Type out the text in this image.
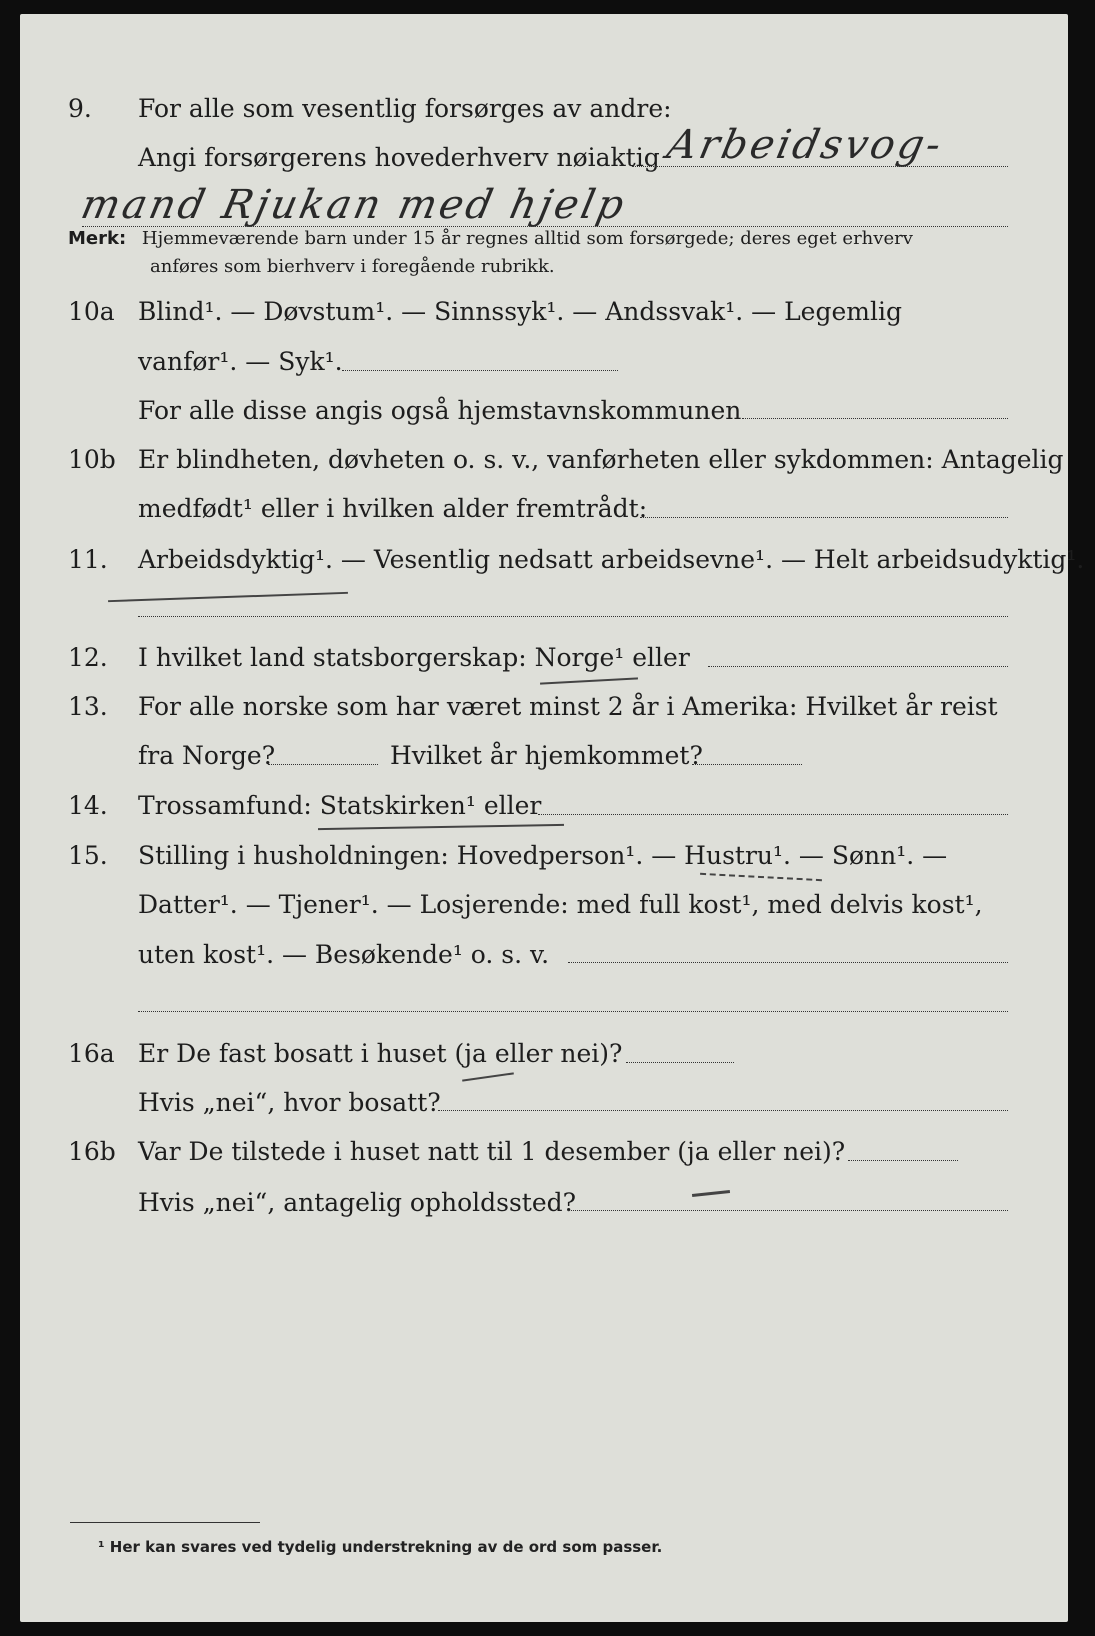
9. For alle som vesentlig forsørges av andre:
Angi forsørgerens hovederhverv nøiaktig Arbeidsvog-
mand Rjukan med hjelp
Merk: Hjemmeværende barn under 15 år regnes alltid som forsørgede; deres eget erhverv
anføres som bierhverv i foregående rubrikk.
10a Blind¹. — Døvstum¹. — Sinnssyk¹. — Andssvak¹. — Legemlig
vanfør¹. — Syk¹.
For alle disse angis også hjemstavnskommunen
10b Er blindheten, døvheten o. s. v., vanførheten eller sykdommen: Antagelig
medfødt¹ eller i hvilken alder fremtrådt:
11. Arbeidsdyktig¹. — Vesentlig nedsatt arbeidsevne¹. — Helt arbeidsudyktig¹.
12. I hvilket land statsborgerskap: Norge¹ eller
13. For alle norske som har været minst 2 år i Amerika: Hvilket år reist
fra Norge?	Hvilket år hjemkommet?
14. Trossamfund: Statskirken¹ eller
15. Stilling i husholdningen: Hovedperson¹. — Hustru¹. — Sønn¹. —
Datter¹. — Tjener¹. — Losjerende: med full kost¹, med delvis kost¹,
uten kost¹. — Besøkende¹ o. s. v.
16a Er De fast bosatt i huset (ja eller nei)?
Hvis „nei“, hvor bosatt?
16b Var De tilstede i huset natt til 1 desember (ja eller nei)?
Hvis „nei“, antagelig opholdssted?
¹ Her kan svares ved tydelig understrekning av de ord som passer.
